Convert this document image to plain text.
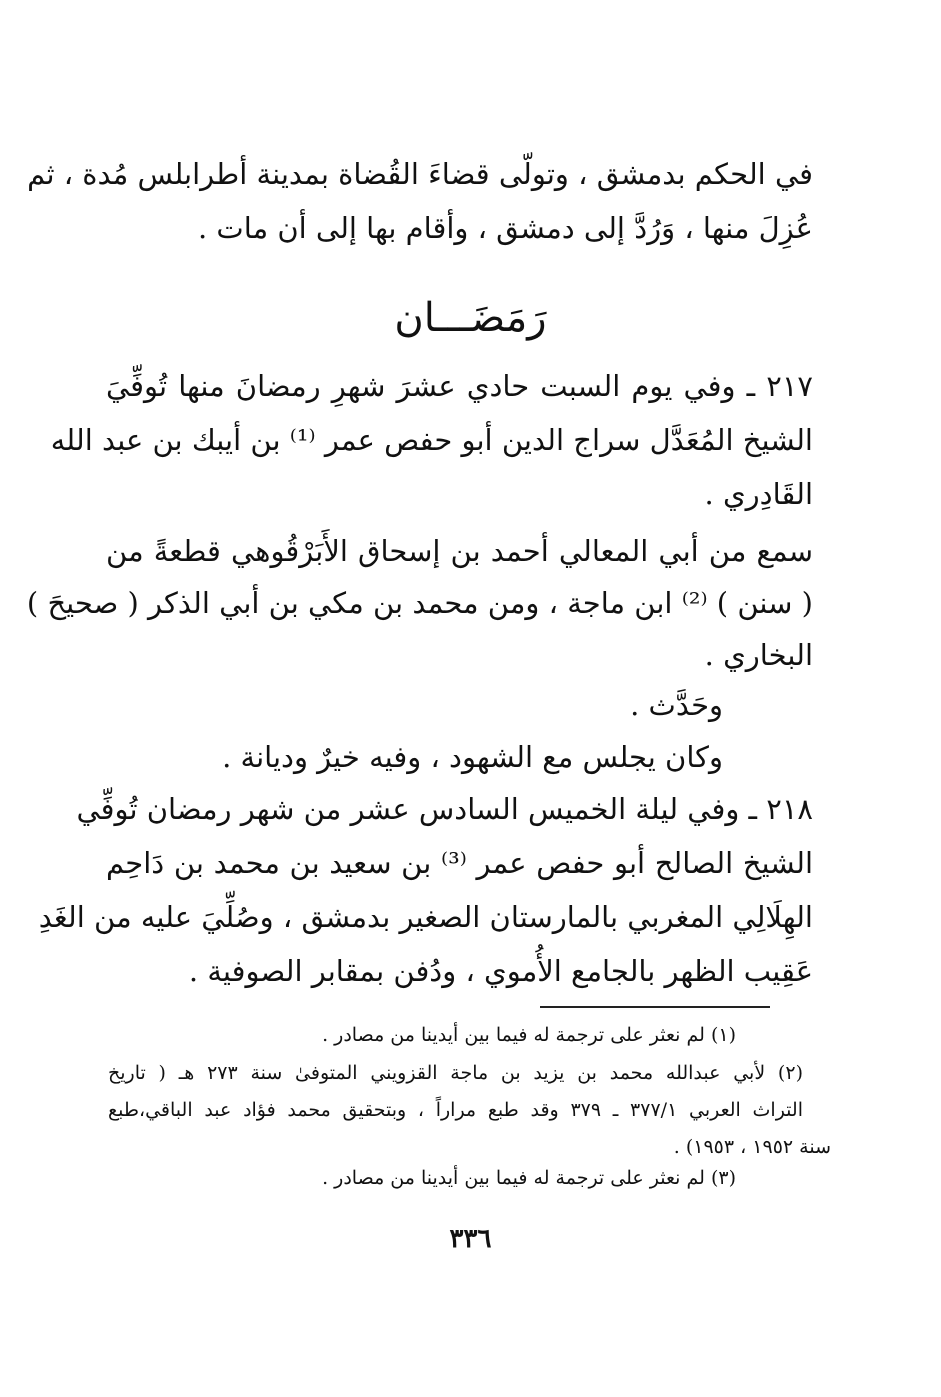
في الحكم بدمشق ، وتولّى قضاءَ القُضاة بمدينة أطرابلس مُدة ، ثم
عُزِلَ منها ، وَرُدَّ إلى دمشق ، وأقام بها إلى أن مات .
رَمَضَـــان
٢١٧ ـ وفي يوم السبت حادي عشرَ شهرِ رمضانَ منها تُوفِّيَ
الشيخ المُعَدَّل سراج الدين أبو حفص عمر ⁽¹⁾ بن أيبك بن عبد الله
القَادِري .
سمع من أبي المعالي أحمد بن إسحاق الأَبَرْقُوهي قطعةً من
( سنن ) ⁽²⁾ ابن ماجة ، ومن محمد بن مكي بن أبي الذكر ( صحيحَ )
البخاري .
وحَدَّث .
وكان يجلس مع الشهود ، وفيه خيرٌ وديانة .
٢١٨ ـ وفي ليلة الخميس السادس عشر من شهر رمضان تُوفِّي
الشيخ الصالح أبو حفص عمر ⁽³⁾ بن سعيد بن محمد بن دَاحِم
الهِلَالِي المغربي بالمارستان الصغير بدمشق ، وصُلِّيَ عليه من الغَدِ
عَقِيب الظهر بالجامع الأُموي ، ودُفن بمقابر الصوفية .
(١) لم نعثر على ترجمة له فيما بين أيدينا من مصادر .
(٢) لأبي عبدالله محمد بن يزيد بن ماجة القزويني المتوفىٰ سنة ٢٧٣ هـ ( تاريخ
التراث العربي ٣٧٧/١ ـ ٣٧٩ وقد طبع مراراً ، وبتحقيق محمد فؤاد عبد الباقي،طبع
سنة ١٩٥٢ ، ١٩٥٣) .
(٣) لم نعثر على ترجمة له فيما بين أيدينا من مصادر .
٣٣٦
